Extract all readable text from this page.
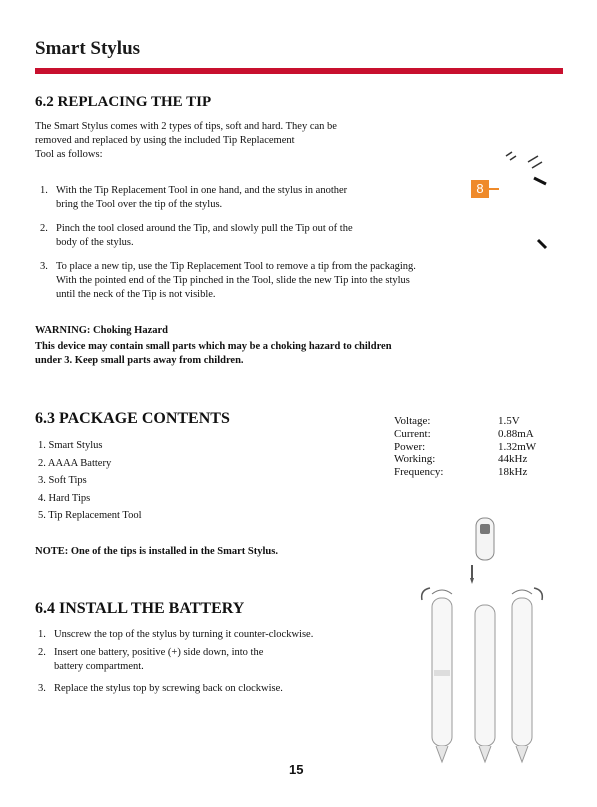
Smart Stylus
6.2 REPLACING THE TIP
The Smart Stylus comes with 2 types of tips, soft and hard. They can be
removed and replaced by using the included Tip Replacement
Tool as follows:
1. With the Tip Replacement Tool in one hand, and the stylus in another
bring the Tool over the tip of the stylus.
2. Pinch the tool closed around the Tip, and slowly pull the Tip out of the
body of the stylus.
3. To place a new tip, use the Tip Replacement Tool to remove a tip from the packaging.
With the pointed end of the Tip pinched in the Tool, slide the new Tip into the stylus
until the neck of the Tip is not visible.
8
WARNING: Choking Hazard
This device may contain small parts which may be a choking hazard to children
under 3. Keep small parts away from children.
6.3 PACKAGE CONTENTS
1. Smart Stylus
2. AAAA Battery
3. Soft Tips
4. Hard Tips
5. Tip Replacement Tool
NOTE: One of the tips is installed in the Smart Stylus.
Voltage:	1.5V
Current:	0.88mA
Power:	1.32mW
Working:	44kHz
Frequency:	18kHz
6.4 INSTALL THE BATTERY
1. Unscrew the top of the stylus by turning it counter-clockwise.
2. Insert one battery, positive (+) side down, into the
battery compartment.
3. Replace the stylus top by screwing back on clockwise.
15
